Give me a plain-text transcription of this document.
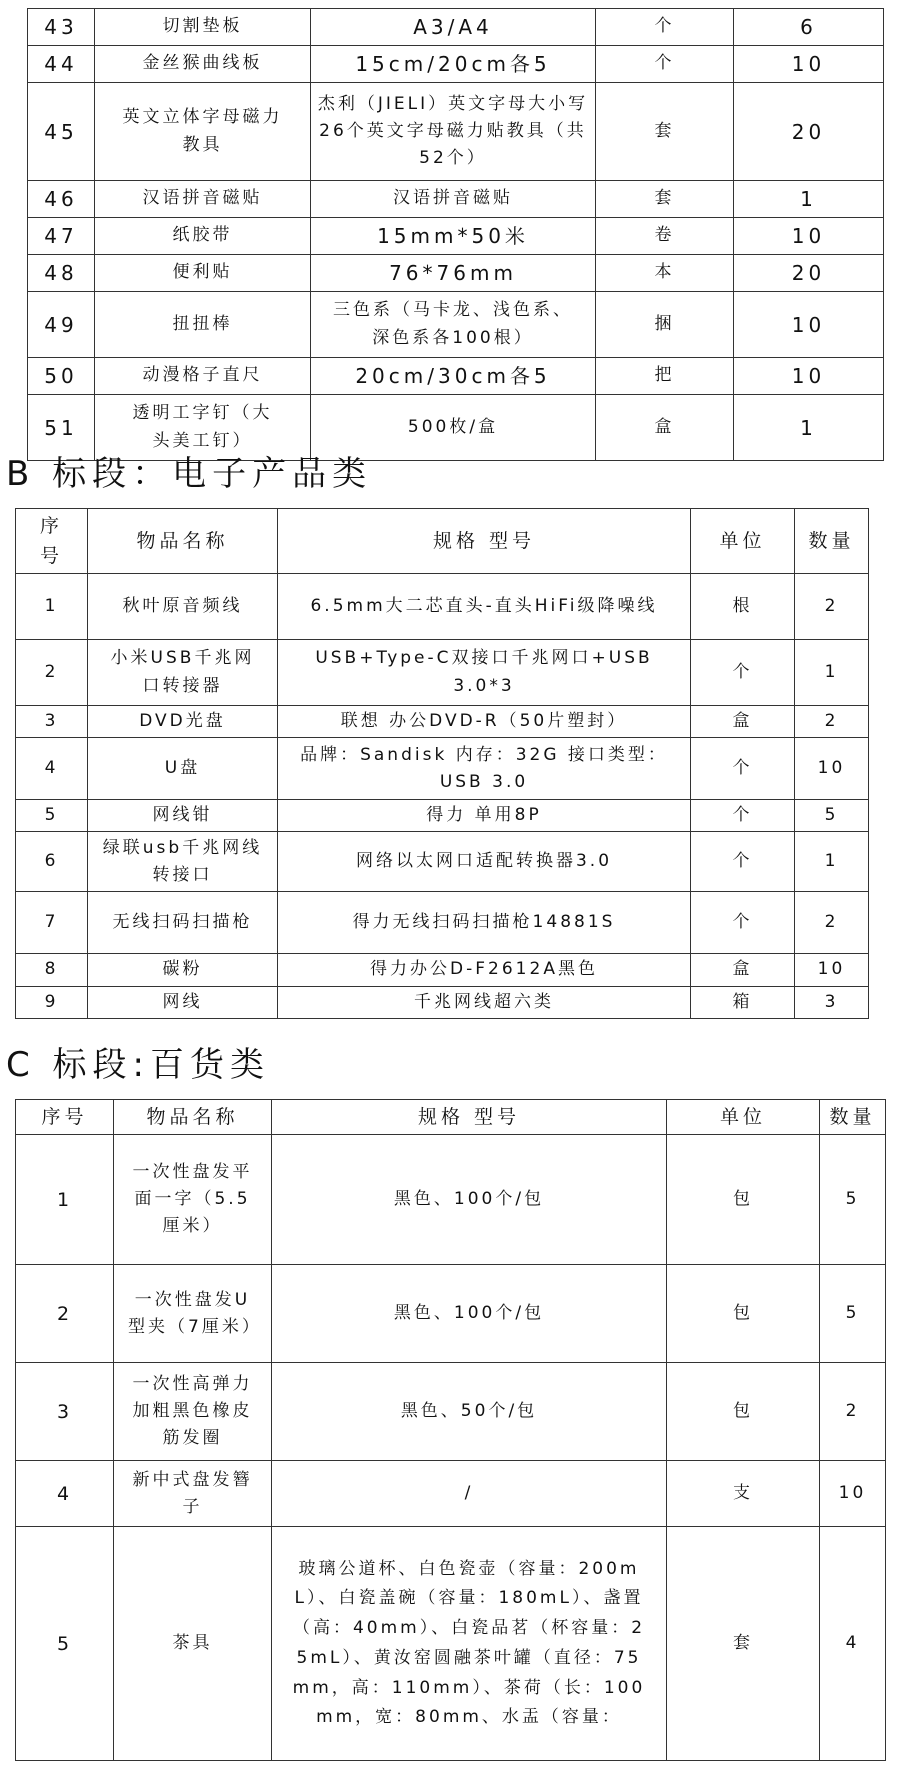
43	切割垫板	A3/A4	个	6
44	金丝猴曲线板	15cm/20cm各5	个	10
45	英文立体字母磁力教具	杰利（JIELI）英文字母大小写26个英文字母磁力贴教具（共52个）	套	20
46	汉语拼音磁贴	汉语拼音磁贴	套	1
47	纸胶带	15mm*50米	卷	10
48	便利贴	76*76mm	本	20
49	扭扭棒	三色系（马卡龙、浅色系、深色系各100根）	捆	10
50	动漫格子直尺	20cm/30cm各5	把	10
51	透明工字钉（大头美工钉）	500枚/盒	盒	1
B 标段：电子产品类
序号	物品名称	规格 型号	单位	数量
1	秋叶原音频线	6.5mm大二芯直头-直头HiFi级降噪线	根	2
2	小米USB千兆网口转接器	USB+Type-C双接口千兆网口+USB3.0*3	个	1
3	DVD光盘	联想 办公DVD-R（50片塑封）	盒	2
4	U盘	品牌：Sandisk 内存：32G 接口类型：USB 3.0	个	10
5	网线钳	得力 单用8P	个	5
6	绿联usb千兆网线转接口	网络以太网口适配转换器3.0	个	1
7	无线扫码扫描枪	得力无线扫码扫描枪14881S	个	2
8	碳粉	得力办公D-F2612A黑色	盒	10
9	网线	千兆网线超六类	箱	3
C 标段:百货类
序号	物品名称	规格 型号	单位	数量
1	一次性盘发平面一字（5.5厘米）	黑色、100个/包	包	5
2	一次性盘发U型夹（7厘米）	黑色、100个/包	包	5
3	一次性高弹力加粗黑色橡皮筋发圈	黑色、50个/包	包	2
4	新中式盘发簪子	/	支	10
5	茶具	玻璃公道杯、白色瓷壶（容量：200mL）、白瓷盖碗（容量：180mL）、盏置（高：40mm）、白瓷品茗（杯容量：25mL）、黄汝窑圆融茶叶罐（直径：75mm，高：110mm）、茶荷（长：100mm，宽：80mm、水盂（容量：	套	4
